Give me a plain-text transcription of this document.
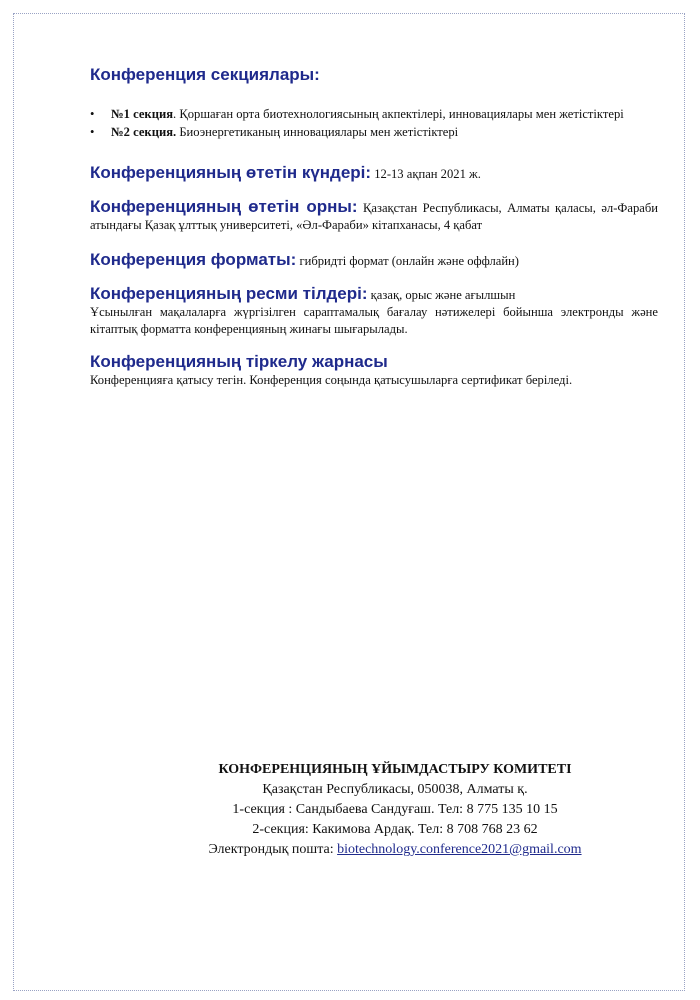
Конференция секциялары:
• №1 секция. Қоршаған орта биотехнологиясының акпектілері, инновациялары мен жетістіктері
• №2 секция. Биоэнергетиканың инновациялары мен жетістіктері
Конференцияның өтетін күндері: 12-13 ақпан 2021 ж.
Конференцияның өтетін орны: Қазақстан Республикасы, Алматы қаласы, әл-Фараби атындағы Қазақ ұлттық университеті, «Әл-Фараби» кітапханасы, 4 қабат
Конференция форматы: гибридті формат (онлайн және оффлайн)
Конференцияның ресми тілдері: қазақ, орыс және ағылшын
Ұсынылған мақалаларға жүргізілген сараптамалық бағалау нәтижелері бойынша электронды және кітаптық форматта конференцияның жинағы шығарылады.
Конференцияның тіркелу жарнасы
Конференцияға қатысу тегін. Конференция соңында қатысушыларға сертификат беріледі.
КОНФЕРЕНЦИЯНЫҢ ҰЙЫМДАСТЫРУ КОМИТЕТІ
Қазақстан Республикасы, 050038, Алматы қ.
1-секция : Сандыбаева Сандуғаш. Тел: 8 775 135 10 15
2-секция: Какимова Ардақ. Тел: 8 708 768 23 62
Электрондық пошта: biotechnology.conference2021@gmail.com
